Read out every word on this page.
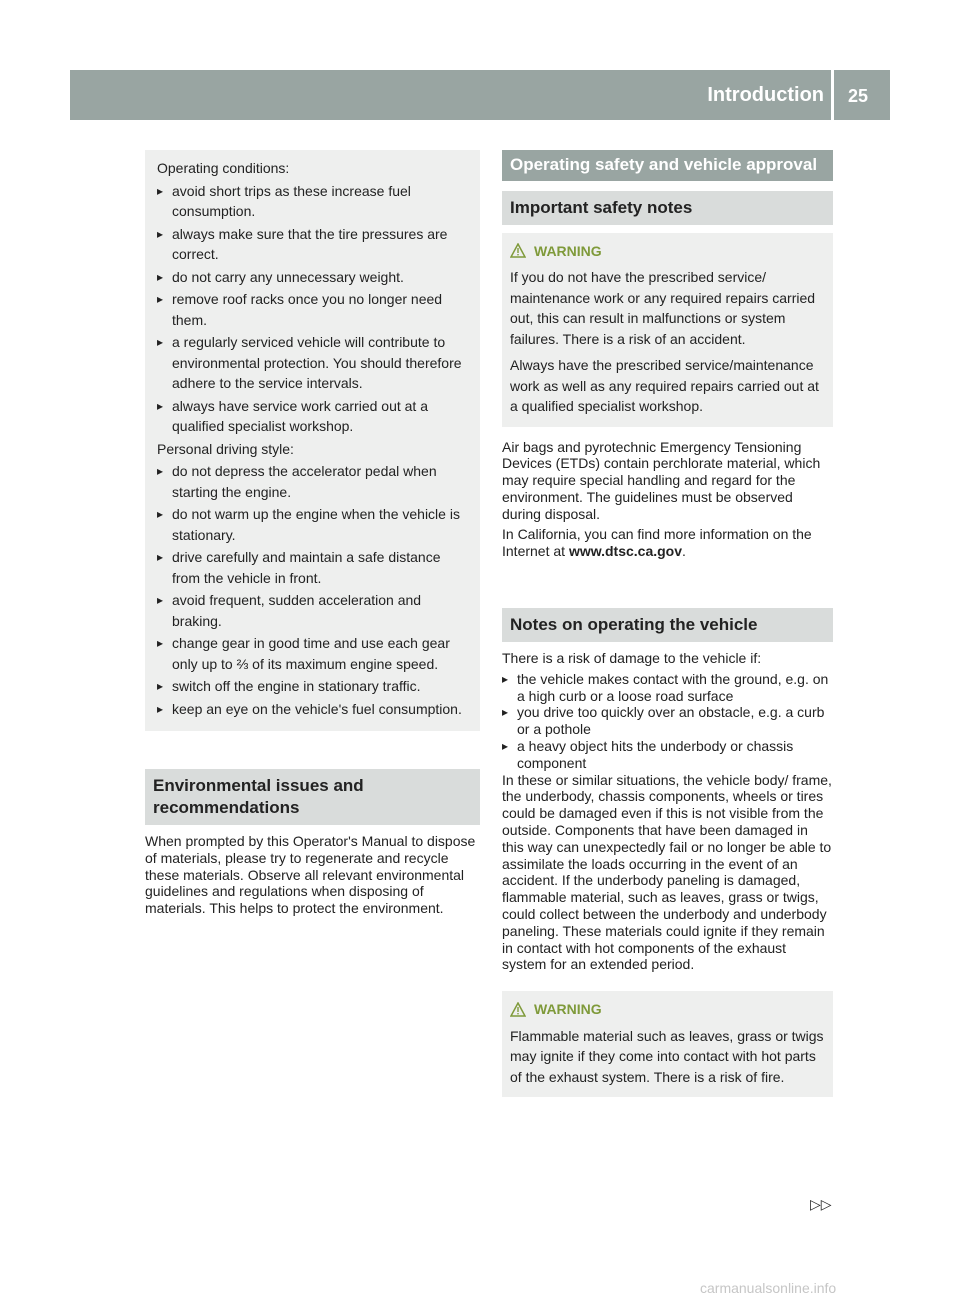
Introduction 25
Operating conditions:
▸ avoid short trips as these increase fuel consumption.
▸ always make sure that the tire pressures are correct.
▸ do not carry any unnecessary weight.
▸ remove roof racks once you no longer need them.
▸ a regularly serviced vehicle will contribute to environmental protection. You should therefore adhere to the service intervals.
▸ always have service work carried out at a qualified specialist workshop.
Personal driving style:
▸ do not depress the accelerator pedal when starting the engine.
▸ do not warm up the engine when the vehicle is stationary.
▸ drive carefully and maintain a safe distance from the vehicle in front.
▸ avoid frequent, sudden acceleration and braking.
▸ change gear in good time and use each gear only up to ⅔ of its maximum engine speed.
▸ switch off the engine in stationary traffic.
▸ keep an eye on the vehicle's fuel consumption.
Environmental issues and recommendations

When prompted by this Operator's Manual to dispose of materials, please try to regenerate and recycle these materials. Observe all relevant environmental guidelines and regulations when disposing of materials. This helps to protect the environment.

Operating safety and vehicle approval
Important safety notes
WARNING

If you do not have the prescribed service/ maintenance work or any required repairs carried out, this can result in malfunctions or system failures. There is a risk of an accident.

Always have the prescribed service/maintenance work as well as any required repairs carried out at a qualified specialist workshop.

Air bags and pyrotechnic Emergency Tensioning Devices (ETDs) contain perchlorate material, which may require special handling and regard for the environment. The guidelines must be observed during disposal.

In California, you can find more information on the Internet at www.dtsc.ca.gov.

Notes on operating the vehicle

There is a risk of damage to the vehicle if:

▸ the vehicle makes contact with the ground, e.g. on a high curb or a loose road surface
▸ you drive too quickly over an obstacle, e.g. a curb or a pothole
▸ a heavy object hits the underbody or chassis component

In these or similar situations, the vehicle body/ frame, the underbody, chassis components, wheels or tires could be damaged even if this is not visible from the outside. Components that have been damaged in this way can unexpectedly fail or no longer be able to assimilate the loads occurring in the event of an accident. If the underbody paneling is damaged, flammable material, such as leaves, grass or twigs, could collect between the underbody and underbody paneling. These materials could ignite if they remain in contact with hot components of the exhaust system for an extended period.

WARNING

Flammable material such as leaves, grass or twigs may ignite if they come into contact with hot parts of the exhaust system. There is a risk of fire.

▷▷
carmanualsonline.info
